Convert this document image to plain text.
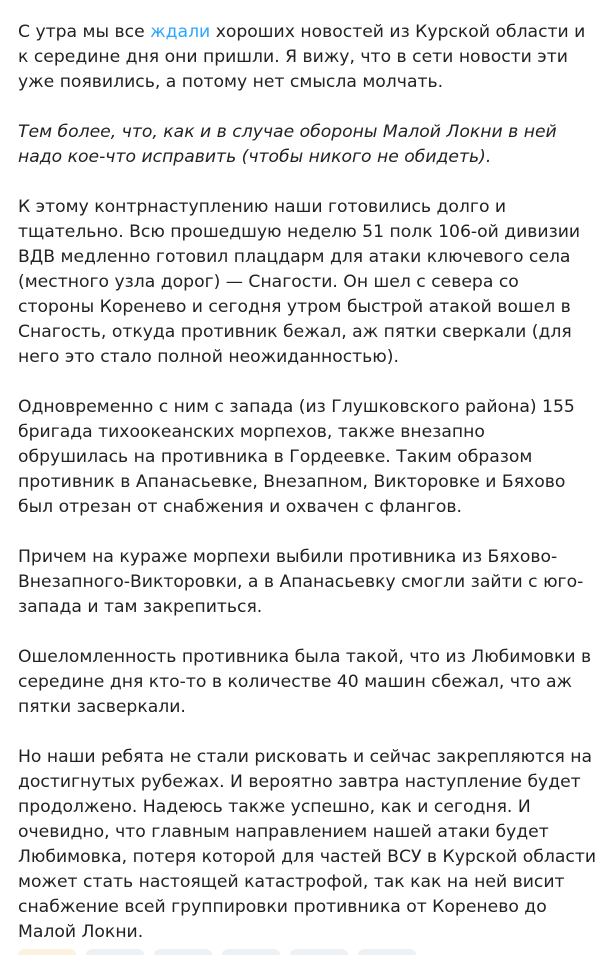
С утра мы все ждали хороших новостей из Курской области и к середине дня они пришли. Я вижу, что в сети новости эти уже появились, а потому нет смысла молчать.

Тем более, что, как и в случае обороны Малой Локни в ней надо кое-что исправить (чтобы никого не обидеть).

К этому контрнаступлению наши готовились долго и тщательно. Всю прошедшую неделю 51 полк 106-ой дивизии ВДВ медленно готовил плацдарм для атаки ключевого села (местного узла дорог) — Снагости. Он шел с севера со стороны Коренево и сегодня утром быстрой атакой вошел в Снагость, откуда противник бежал, аж пятки сверкали (для него это стало полной неожиданностью).

Одновременно с ним с запада (из Глушковского района) 155 бригада тихоокеанских морпехов, также внезапно обрушилась на противника в Гордеевке. Таким образом противник в Апанасьевке, Внезапном, Викторовке и Бяхово был отрезан от снабжения и охвачен с флангов.

Причем на кураже морпехи выбили противника из Бяхово-Внезапного-Викторовки, а в Апанасьевку смогли зайти с юго-запада и там закрепиться.

Ошеломленность противника была такой, что из Любимовки в середине дня кто-то в количестве 40 машин сбежал, что аж пятки засверкали.

Но наши ребята не стали рисковать и сейчас закрепляются на достигнутых рубежах. И вероятно завтра наступление будет продолжено. Надеюсь также успешно, как и сегодня. И очевидно, что главным направлением нашей атаки будет Любимовка, потеря которой для частей ВСУ в Курской области может стать настоящей катастрофой, так как на ней висит снабжение всей группировки противника от Коренево до Малой Локни.
